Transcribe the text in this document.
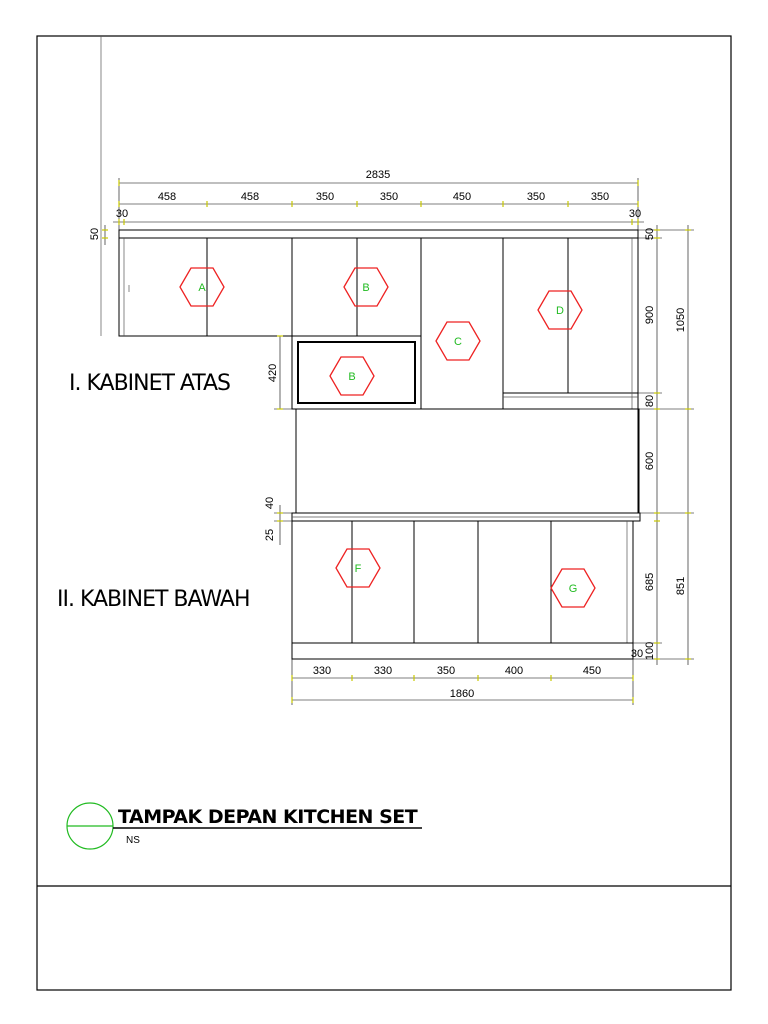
A	B
B
C
D
F
G
2835
458	458	350	350	450	350	350
30	30
50
420
40
25
50
900
80
1050
600
685
100
851
30
330	330	350	400	450
1860
I. KABINET ATAS
II. KABINET BAWAH
TAMPAK DEPAN KITCHEN SET
NS
